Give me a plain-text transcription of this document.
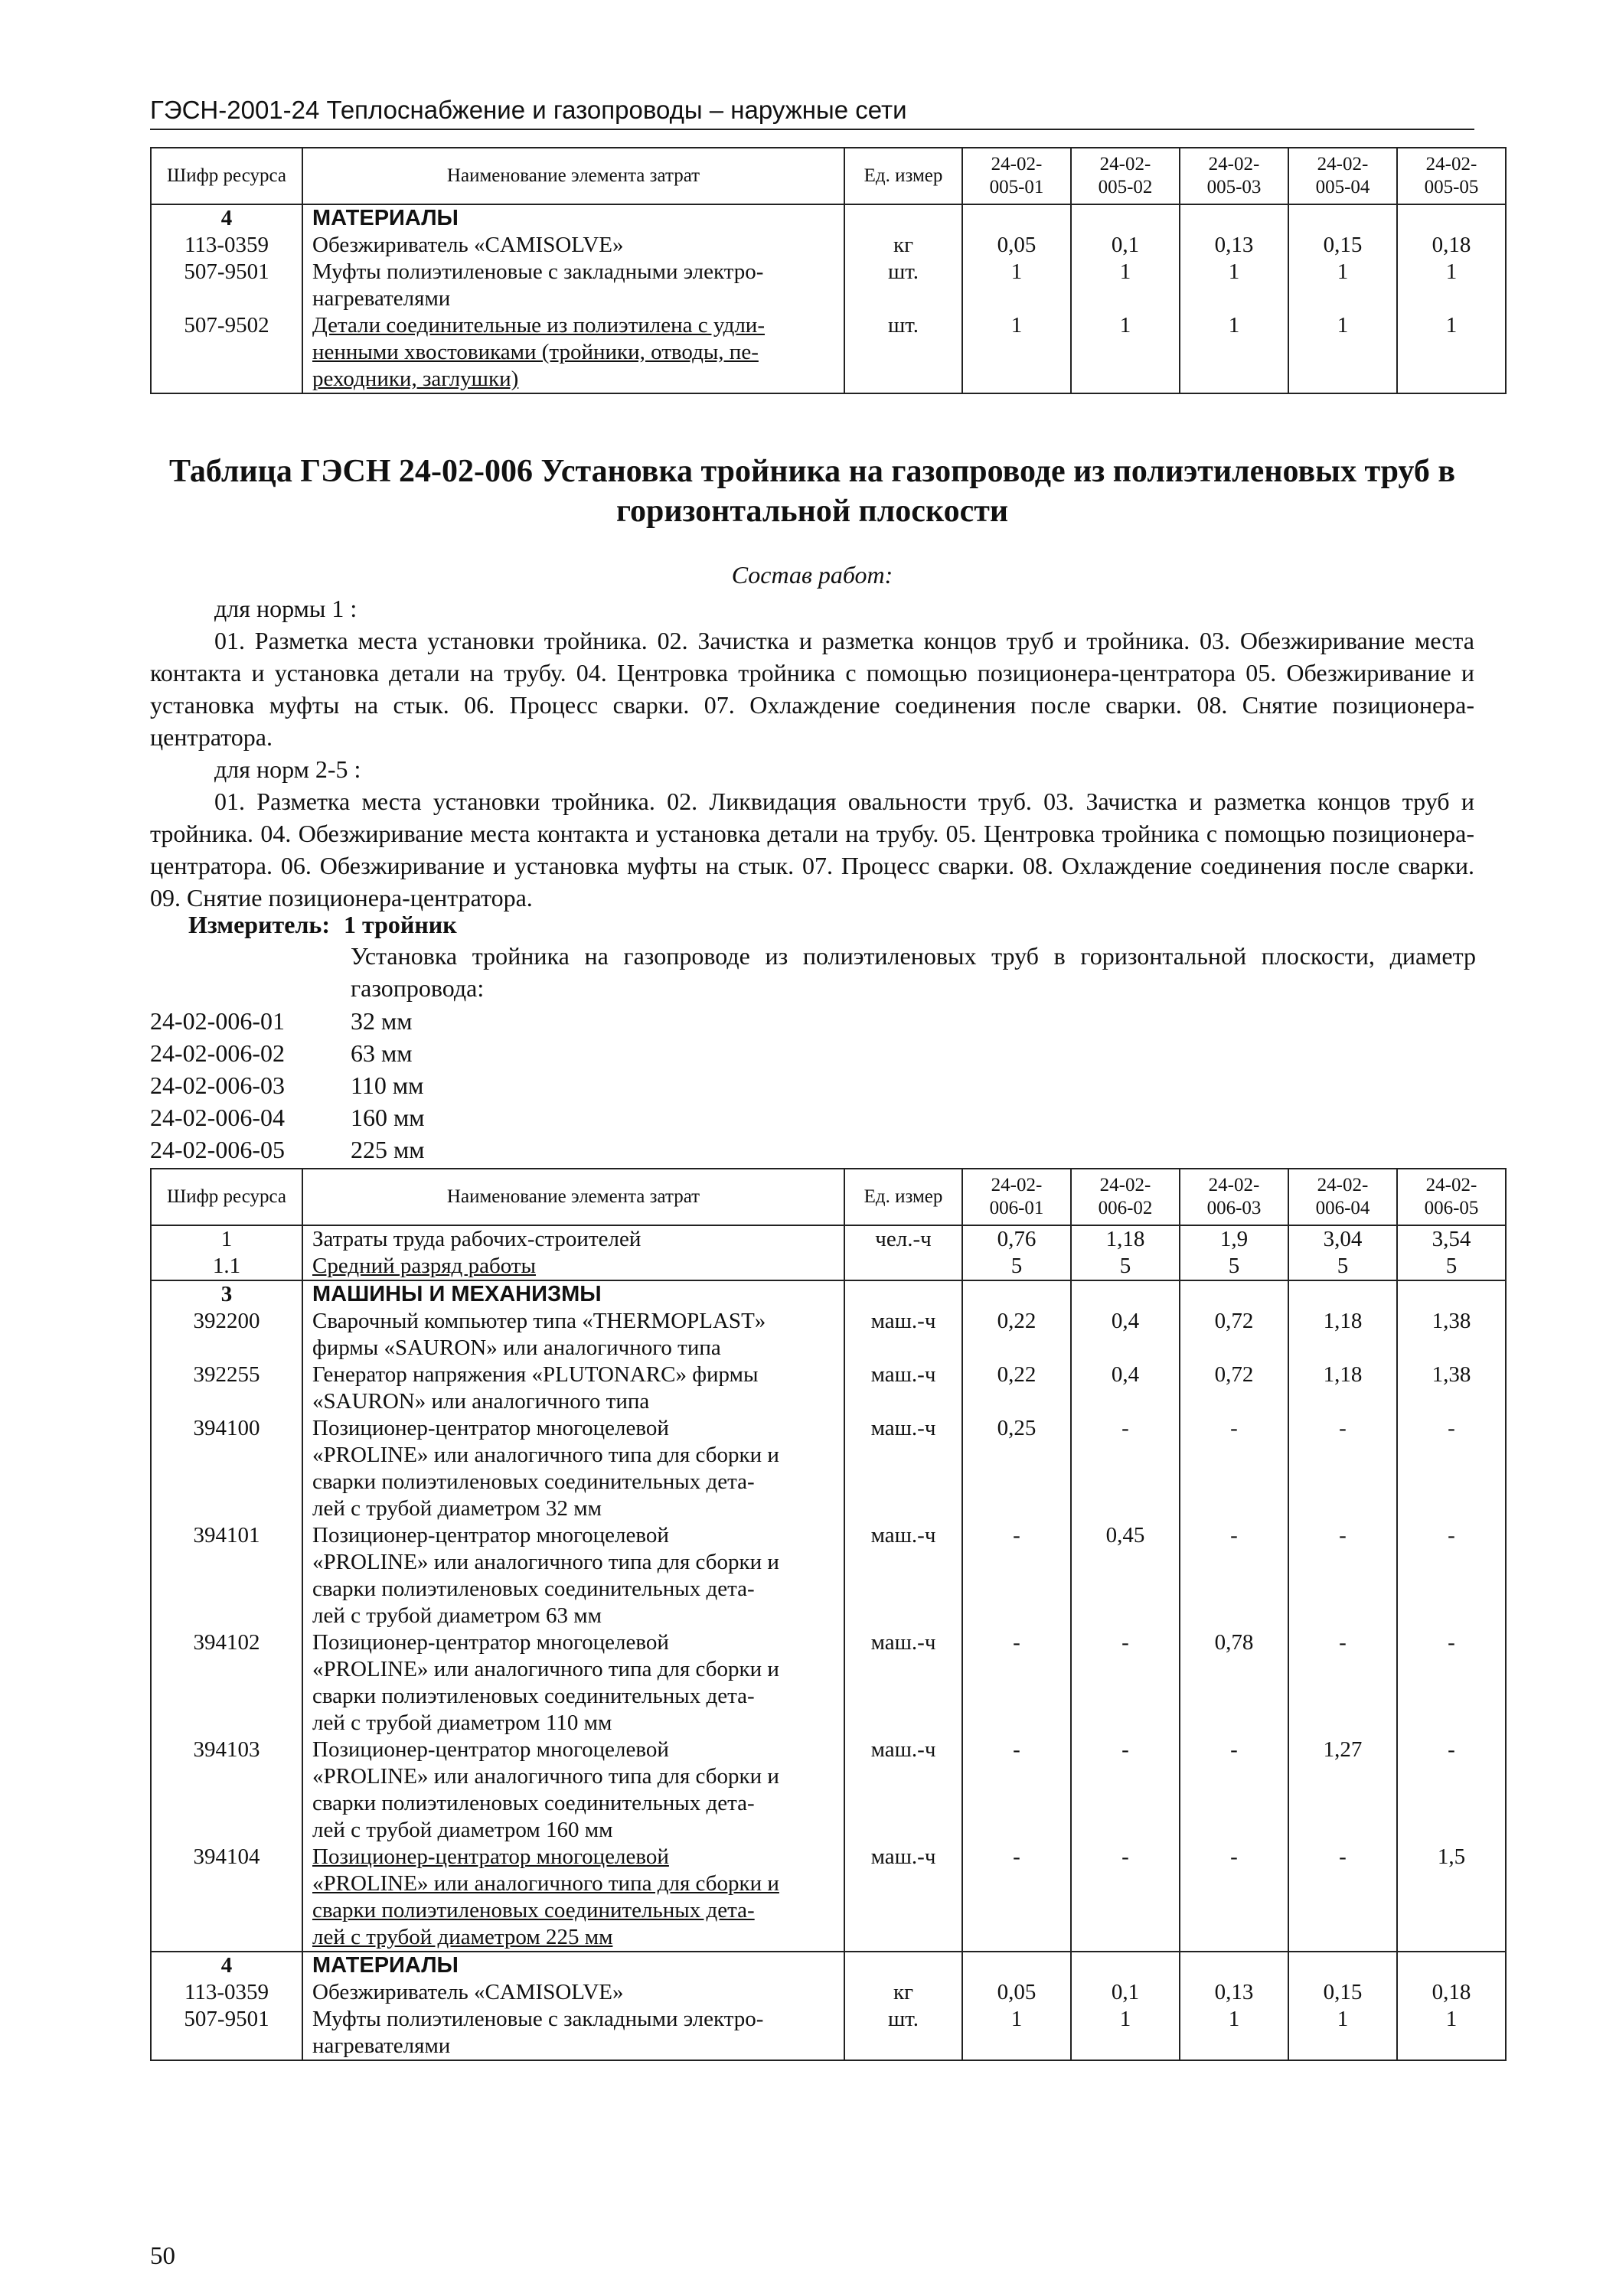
ГЭСН-2001-24 Теплоснабжение и газопроводы – наружные сети
Шифр ресурса	Наименование элемента затрат	Ед. измер	24-02-
005-01	24-02-
005-02	24-02-
005-03	24-02-
005-04	24-02-
005-05
4	МАТЕРИАЛЫ						
113-0359	Обезжириватель «CAMISOLVE»	кг	0,05	0,1	0,13	0,15	0,18
507-9501	Муфты полиэтиленовые с закладными электро-
нагревателями	шт.	1	1	1	1	1
507-9502	Детали соединительные из полиэтилена с удли-
ненными хвостовиками (тройники, отводы, пе-
реходники, заглушки)	шт.	1	1	1	1	1
Таблица ГЭСН 24-02-006 Установка тройника на газопроводе из полиэтиленовых труб в горизонтальной плоскости
Состав работ:
для нормы 1 :
01. Разметка места установки тройника. 02. Зачистка и разметка концов труб и тройника. 03. Обезжиривание места контакта и установка детали на трубу. 04. Центровка тройника с помощью позиционера-центратора 05. Обезжиривание и установка муфты на стык. 06. Процесс сварки. 07. Охлаждение соединения после сварки. 08. Снятие позиционера-центратора.
для норм 2-5 :
01. Разметка места установки тройника. 02. Ликвидация овальности труб. 03. Зачистка и разметка концов труб и тройника. 04. Обезжиривание места контакта и установка детали на трубу. 05. Центровка тройника с помощью позиционера-центратора. 06. Обезжиривание и установка муфты на стык. 07. Процесс сварки. 08. Охлаждение соединения после сварки. 09. Снятие позиционера-центратора.
Измеритель: 1 тройник
Установка тройника на газопроводе из полиэтиленовых труб в горизонтальной плоскости, диаметр газопровода:
24-02-006-01	32 мм
24-02-006-02	63 мм
24-02-006-03	110 мм
24-02-006-04	160 мм
24-02-006-05	225 мм
Шифр ресурса	Наименование элемента затрат	Ед. измер	24-02-
006-01	24-02-
006-02	24-02-
006-03	24-02-
006-04	24-02-
006-05
1	Затраты труда рабочих-строителей	чел.-ч	0,76	1,18	1,9	3,04	3,54
1.1	Средний разряд работы		5	5	5	5	5
3	МАШИНЫ И МЕХАНИЗМЫ						
392200	Сварочный компьютер типа «THERMOPLAST»
фирмы «SAURON» или аналогичного типа	маш.-ч	0,22	0,4	0,72	1,18	1,38
392255	Генератор напряжения «PLUTONARC» фирмы
«SAURON» или аналогичного типа	маш.-ч	0,22	0,4	0,72	1,18	1,38
394100	Позиционер-центратор многоцелевой
«PROLINE» или аналогичного типа для сборки и
сварки полиэтиленовых соединительных дета-
лей с трубой диаметром 32 мм	маш.-ч	0,25	-	-	-	-
394101	Позиционер-центратор многоцелевой
«PROLINE» или аналогичного типа для сборки и
сварки полиэтиленовых соединительных дета-
лей с трубой диаметром 63 мм	маш.-ч	-	0,45	-	-	-
394102	Позиционер-центратор многоцелевой
«PROLINE» или аналогичного типа для сборки и
сварки полиэтиленовых соединительных дета-
лей с трубой диаметром 110 мм	маш.-ч	-	-	0,78	-	-
394103	Позиционер-центратор многоцелевой
«PROLINE» или аналогичного типа для сборки и
сварки полиэтиленовых соединительных дета-
лей с трубой диаметром 160 мм	маш.-ч	-	-	-	1,27	-
394104	Позиционер-центратор многоцелевой
«PROLINE» или аналогичного типа для сборки и
сварки полиэтиленовых соединительных дета-
лей с трубой диаметром 225 мм	маш.-ч	-	-	-	-	1,5
4	МАТЕРИАЛЫ						
113-0359	Обезжириватель «CAMISOLVE»	кг	0,05	0,1	0,13	0,15	0,18
507-9501	Муфты полиэтиленовые с закладными электро-
нагревателями	шт.	1	1	1	1	1
50
